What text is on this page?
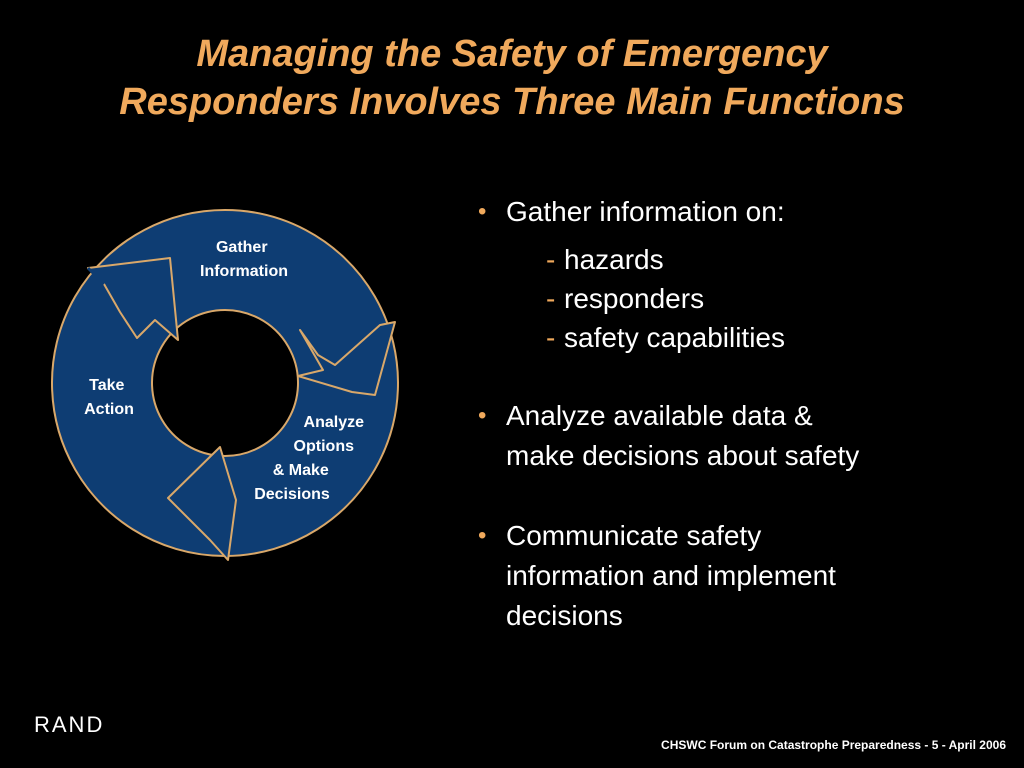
Managing the Safety of Emergency
Responders Involves Three Main Functions
Gather Information
Analyze Options & Make Decisions
Take Action
• Gather information on:
- hazards
- responders
- safety capabilities
• Analyze available data &
make decisions about safety
• Communicate safety
information and implement
decisions
RAND
CHSWC Forum on Catastrophe Preparedness - 5 - April 2006
